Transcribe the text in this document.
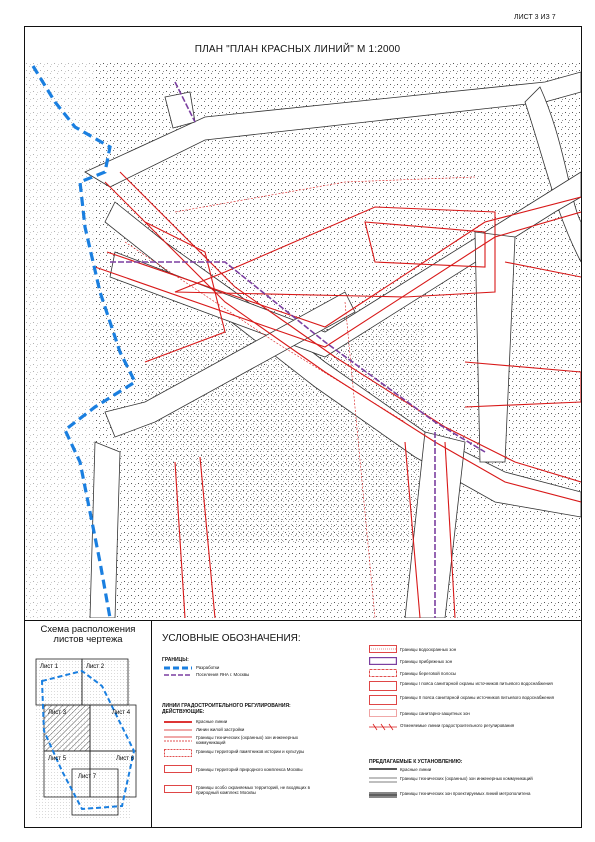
ЛИСТ 3 ИЗ 7
ПЛАН "ПЛАН КРАСНЫХ ЛИНИЙ" М 1:2000
Схема расположения листов чертежа
Лист 1	Лист 2
Лист 3	Лист 4
Лист 5	Лист 6
Лист 7
УСЛОВНЫЕ ОБОЗНАЧЕНИЯ:
ГРАНИЦЫ:
Разработки
Поселения ЯНА г. Москвы
ЛИНИИ ГРАДОСТРОИТЕЛЬНОГО РЕГУЛИРОВАНИЯ: ДЕЙСТВУЮЩИЕ:
Красные линии
Линии жилой застройки
Границы технических (охранных) зон инженерных коммуникаций
Границы территорий памятников истории и культуры
Границы территорий природного комплекса Москвы
Границы особо охраняемых территорий, не входящих в природный комплекс Москвы
Границы водоохранных зон
Границы прибрежных зон
Границы береговой полосы
Границы I пояса санитарной охраны источников питьевого водоснабжения
Границы II пояса санитарной охраны источников питьевого водоснабжения
Границы санитарно-защитных зон
Отменяемые линии градостроительного регулирования
ПРЕДЛАГАЕМЫЕ К УСТАНОВЛЕНИЮ:
Красные линии
Границы технических (охранных) зон инженерных коммуникаций
Границы технических зон проектируемых линий метрополитена
